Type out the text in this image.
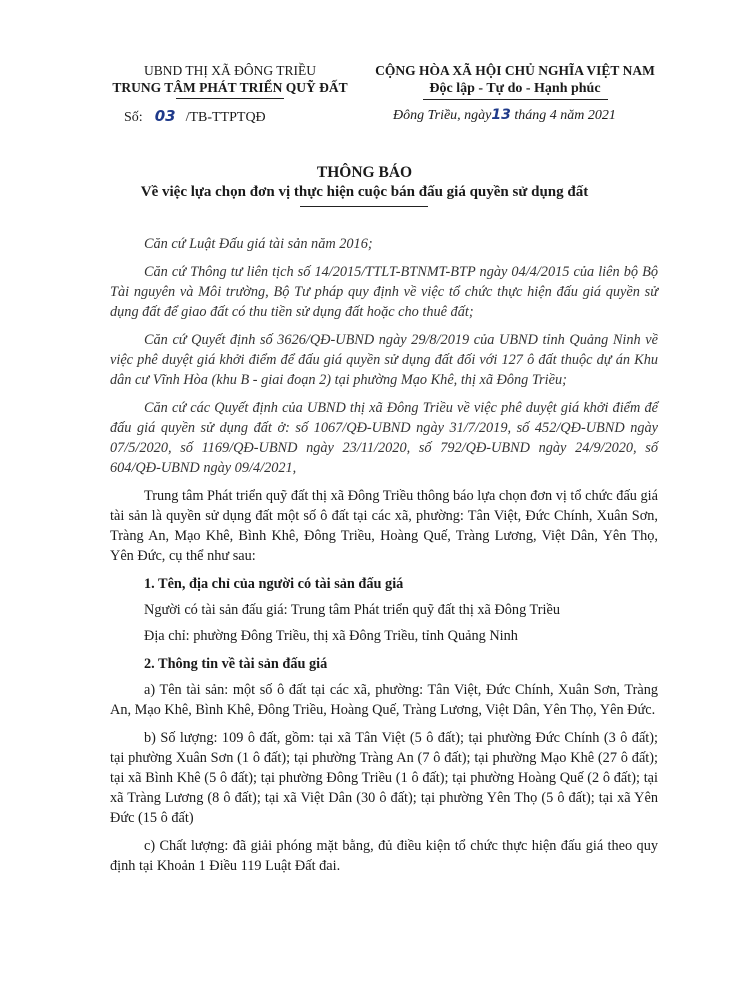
UBND THỊ XÃ ĐÔNG TRIỀU
TRUNG TÂM PHÁT TRIỂN QUỸ ĐẤT
Số: 03 /TB-TTPTQĐ
CỘNG HÒA XÃ HỘI CHỦ NGHĨA VIỆT NAM
Độc lập - Tự do - Hạnh phúc
Đông Triều, ngày13 tháng 4 năm 2021
THÔNG BÁO
Về việc lựa chọn đơn vị thực hiện cuộc bán đấu giá quyền sử dụng đất

Căn cứ Luật Đấu giá tài sản năm 2016;

Căn cứ Thông tư liên tịch số 14/2015/TTLT-BTNMT-BTP ngày 04/4/2015 của liên bộ Bộ Tài nguyên và Môi trường, Bộ Tư pháp quy định về việc tổ chức thực hiện đấu giá quyền sử dụng đất để giao đất có thu tiền sử dụng đất hoặc cho thuê đất;

Căn cứ Quyết định số 3626/QĐ-UBND ngày 29/8/2019 của UBND tỉnh Quảng Ninh về việc phê duyệt giá khởi điểm để đấu giá quyền sử dụng đất đối với 127 ô đất thuộc dự án Khu dân cư Vĩnh Hòa (khu B - giai đoạn 2) tại phường Mạo Khê, thị xã Đông Triều;

Căn cứ các Quyết định của UBND thị xã Đông Triều về việc phê duyệt giá khởi điểm để đấu giá quyền sử dụng đất ở: số 1067/QĐ-UBND ngày 31/7/2019, số 452/QĐ-UBND ngày 07/5/2020, số 1169/QĐ-UBND ngày 23/11/2020, số 792/QĐ-UBND ngày 24/9/2020, số 604/QĐ-UBND ngày 09/4/2021,

Trung tâm Phát triển quỹ đất thị xã Đông Triều thông báo lựa chọn đơn vị tổ chức đấu giá tài sản là quyền sử dụng đất một số ô đất tại các xã, phường: Tân Việt, Đức Chính, Xuân Sơn, Tràng An, Mạo Khê, Bình Khê, Đông Triều, Hoàng Quế, Tràng Lương, Việt Dân, Yên Thọ, Yên Đức, cụ thể như sau:

1. Tên, địa chỉ của người có tài sản đấu giá

Người có tài sản đấu giá: Trung tâm Phát triển quỹ đất thị xã Đông Triều

Địa chỉ: phường Đông Triều, thị xã Đông Triều, tỉnh Quảng Ninh

2. Thông tin về tài sản đấu giá

a) Tên tài sản: một số ô đất tại các xã, phường: Tân Việt, Đức Chính, Xuân Sơn, Tràng An, Mạo Khê, Bình Khê, Đông Triều, Hoàng Quế, Tràng Lương, Việt Dân, Yên Thọ, Yên Đức.

b) Số lượng: 109 ô đất, gồm: tại xã Tân Việt (5 ô đất); tại phường Đức Chính (3 ô đất); tại phường Xuân Sơn (1 ô đất); tại phường Tràng An (7 ô đất); tại phường Mạo Khê (27 ô đất); tại xã Bình Khê (5 ô đất); tại phường Đông Triều (1 ô đất); tại phường Hoàng Quế (2 ô đất); tại xã Tràng Lương (8 ô đất); tại xã Việt Dân (30 ô đất); tại phường Yên Thọ (5 ô đất); tại xã Yên Đức (15 ô đất)

c) Chất lượng: đã giải phóng mặt bằng, đủ điều kiện tổ chức thực hiện đấu giá theo quy định tại Khoản 1 Điều 119 Luật Đất đai.
